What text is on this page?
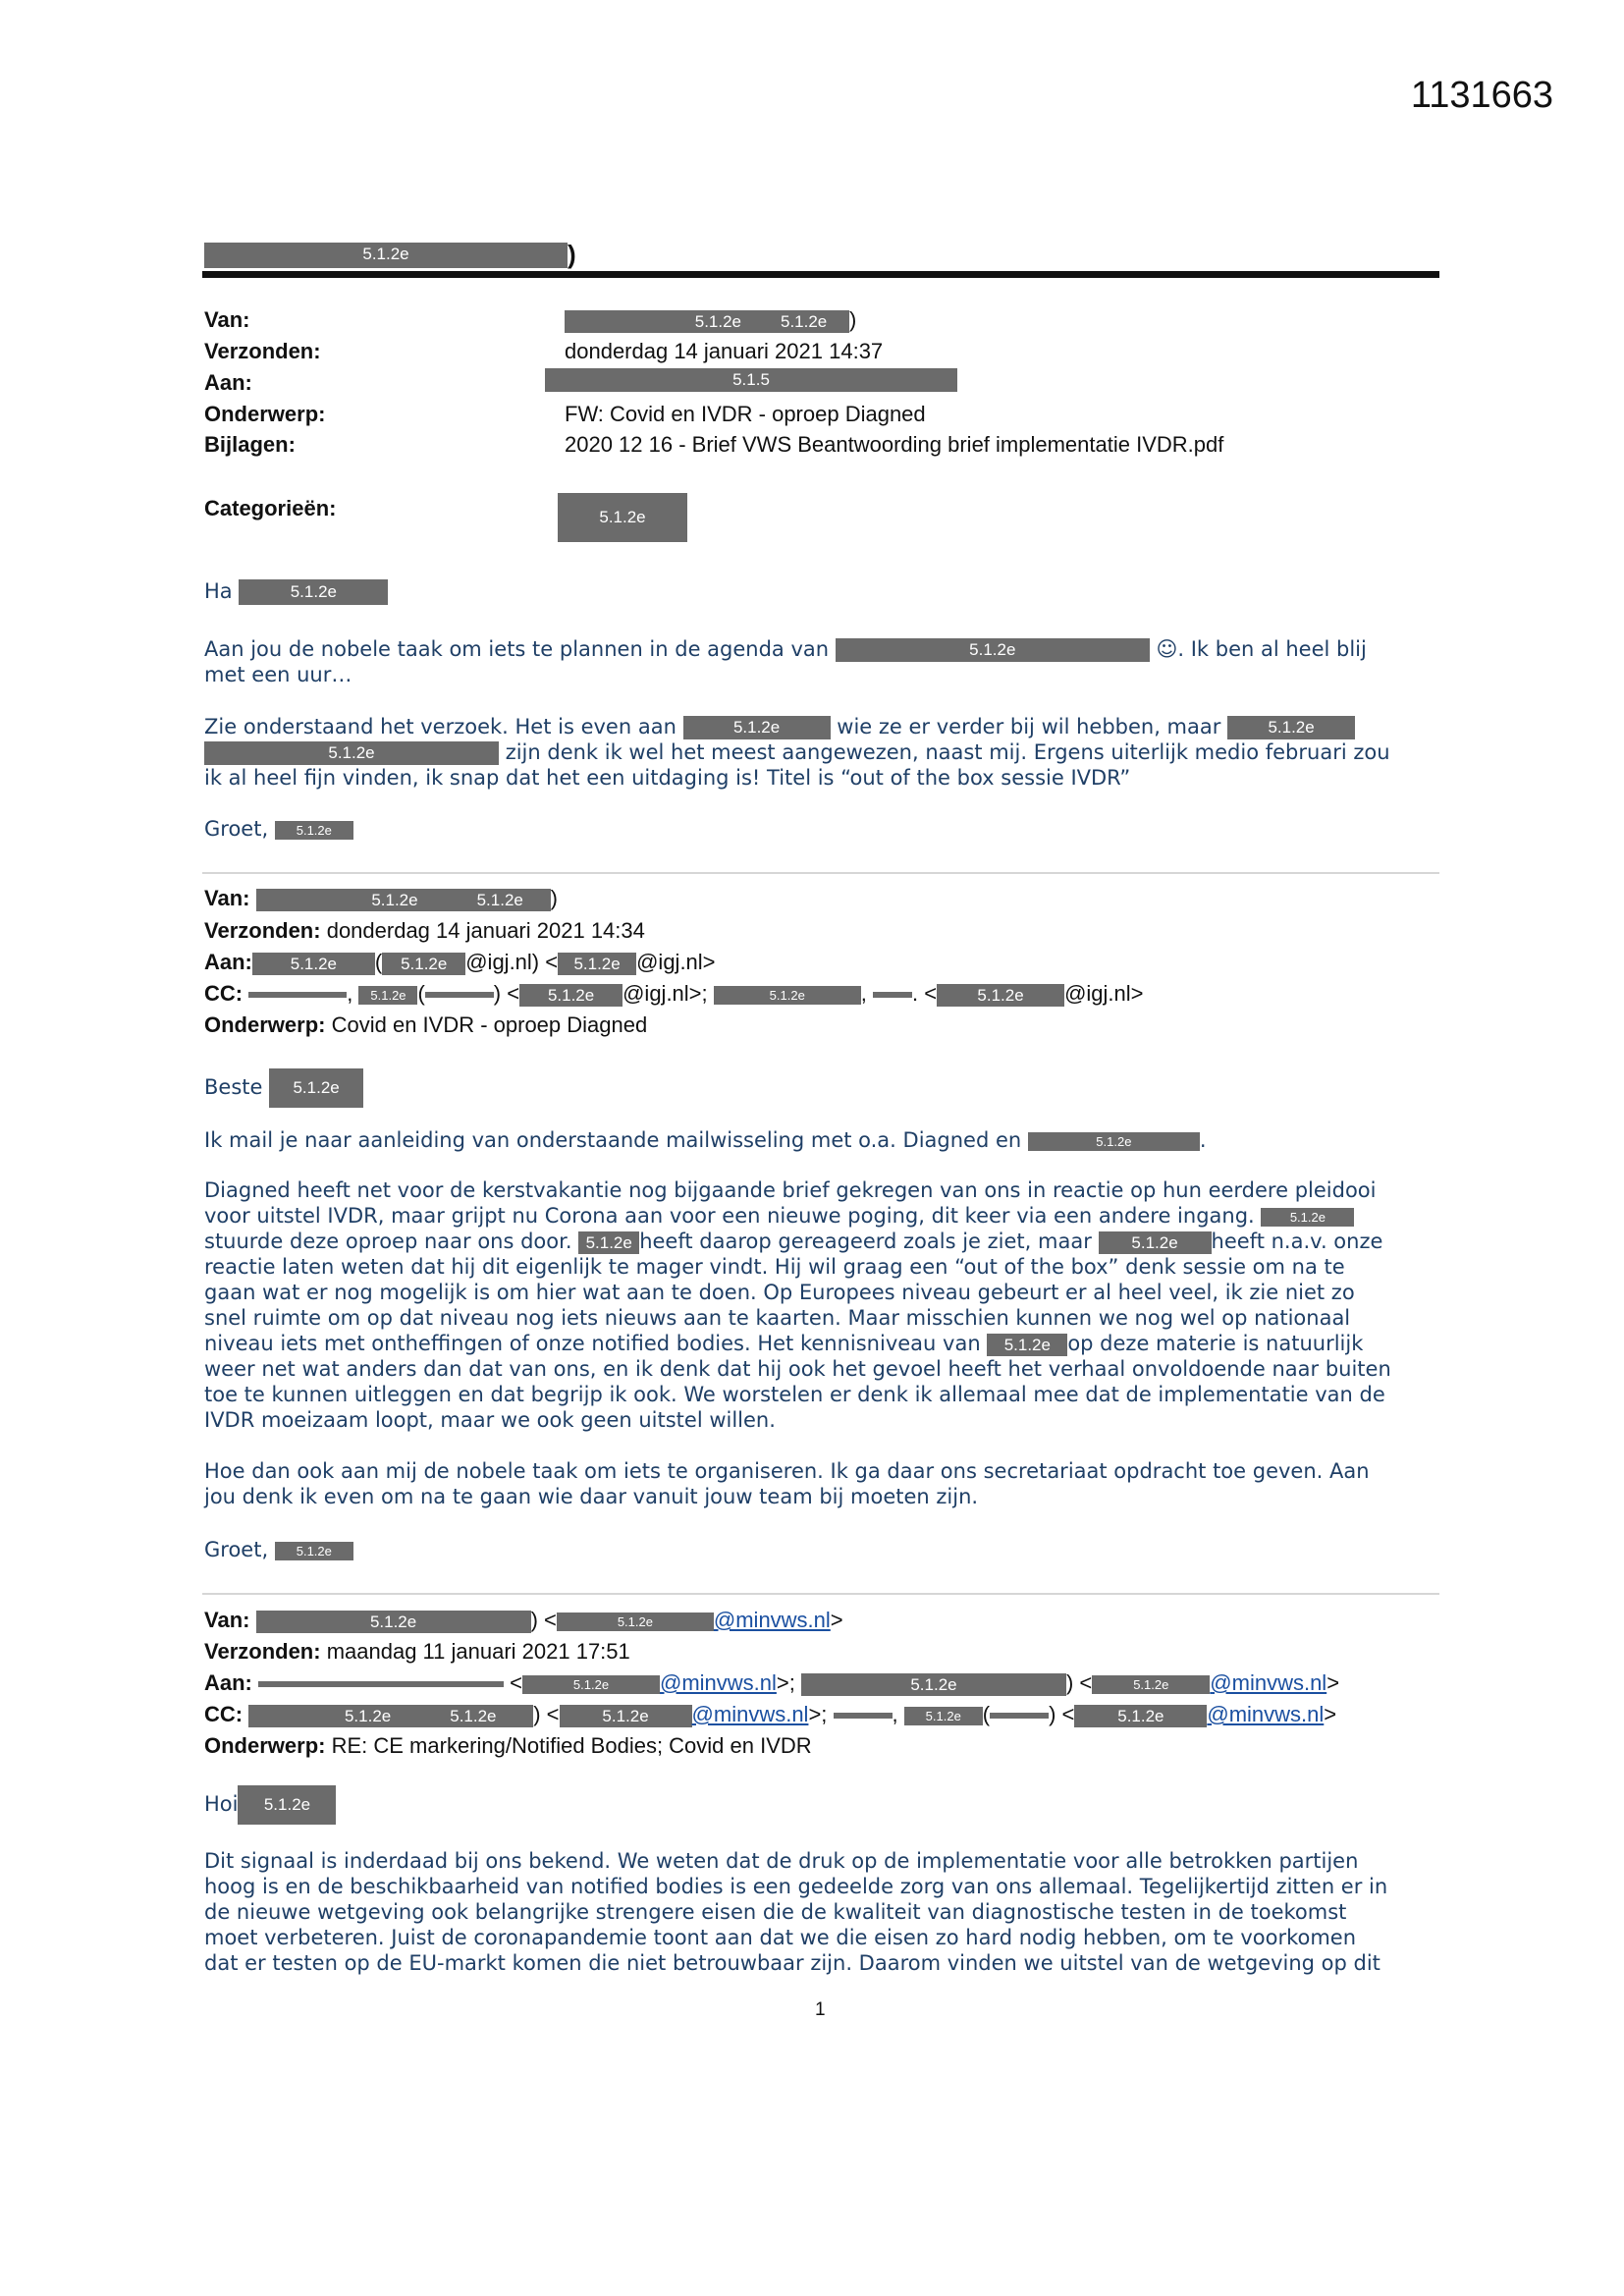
1131663
5.1.2e	)
Van:	5.1.2e 5.1.2e )
Verzonden:	donderdag 14 januari 2021 14:37
Aan:	5.1.5
Onderwerp:	FW: Covid en IVDR - oproep Diagned
Bijlagen:	2020 12 16 - Brief VWS Beantwoording brief implementatie IVDR.pdf
Categorieën:	5.1.2e
Ha	5.1.2e
Aan jou de nobele taak om iets te plannen in de agenda van	5.1.2e	☺. Ik ben al heel blij
met een uur…
Zie onderstaand het verzoek. Het is even aan	5.1.2e	wie ze er verder bij wil hebben, maar	5.1.2e
5.1.2e	zijn denk ik wel het meest aangewezen, naast mij. Ergens uiterlijk medio februari zou
ik al heel fijn vinden, ik snap dat het een uitdaging is! Titel is “out of the box sessie IVDR”
Groet, 5.1.2e
Van:	5.1.2e	5.1.2e )
Verzonden: donderdag 14 januari 2021 14:34
Aan: 5.1.2e ( 5.1.2e @igj.nl) < 5.1.2e @igj.nl>
CC:	, 5.1.2e (	) < 5.1.2e @igj.nl>;	5.1.2e	, . < 5.1.2e @igj.nl>
Onderwerp: Covid en IVDR - oproep Diagned
Beste 5.1.2e
Ik mail je naar aanleiding van onderstaande mailwisseling met o.a. Diagned en	5.1.2e	.
Diagned heeft net voor de kerstvakantie nog bijgaande brief gekregen van ons in reactie op hun eerdere pleidooi
voor uitstel IVDR, maar grijpt nu Corona aan voor een nieuwe poging, dit keer via een andere ingang.	5.1.2e
stuurde deze oproep naar ons door. 5.1.2e heeft daarop gereageerd zoals je ziet, maar 5.1.2e heeft n.a.v. onze
reactie laten weten dat hij dit eigenlijk te mager vindt. Hij wil graag een “out of the box” denk sessie om na te
gaan wat er nog mogelijk is om hier wat aan te doen. Op Europees niveau gebeurt er al heel veel, ik zie niet zo
snel ruimte om op dat niveau nog iets nieuws aan te kaarten. Maar misschien kunnen we nog wel op nationaal
niveau iets met ontheffingen of onze notified bodies. Het kennisniveau van 5.1.2e op deze materie is natuurlijk
weer net wat anders dan dat van ons, en ik denk dat hij ook het gevoel heeft het verhaal onvoldoende naar buiten
toe te kunnen uitleggen en dat begrijp ik ook. We worstelen er denk ik allemaal mee dat de implementatie van de
IVDR moeizaam loopt, maar we ook geen uitstel willen.
Hoe dan ook aan mij de nobele taak om iets te organiseren. Ik ga daar ons secretariaat opdracht toe geven. Aan
jou denk ik even om na te gaan wie daar vanuit jouw team bij moeten zijn.
Groet, 5.1.2e
Van:	5.1.2e	) <	5.1.2e	@minvws.nl>
Verzonden: maandag 11 januari 2021 17:51
Aan:	<	5.1.2e @minvws.nl>;	5.1.2e	) <	5.1.2e @minvws.nl>
CC:	5.1.2e	5.1.2e ) <	5.1.2e @minvws.nl>;	, 5.1.2e (	) <	5.1.2e @minvws.nl>
Onderwerp: RE: CE markering/Notified Bodies; Covid en IVDR
Hoi 5.1.2e
Dit signaal is inderdaad bij ons bekend. We weten dat de druk op de implementatie voor alle betrokken partijen
hoog is en de beschikbaarheid van notified bodies is een gedeelde zorg van ons allemaal. Tegelijkertijd zitten er in
de nieuwe wetgeving ook belangrijke strengere eisen die de kwaliteit van diagnostische testen in de toekomst
moet verbeteren. Juist de coronapandemie toont aan dat we die eisen zo hard nodig hebben, om te voorkomen
dat er testen op de EU-markt komen die niet betrouwbaar zijn. Daarom vinden we uitstel van de wetgeving op dit
1
